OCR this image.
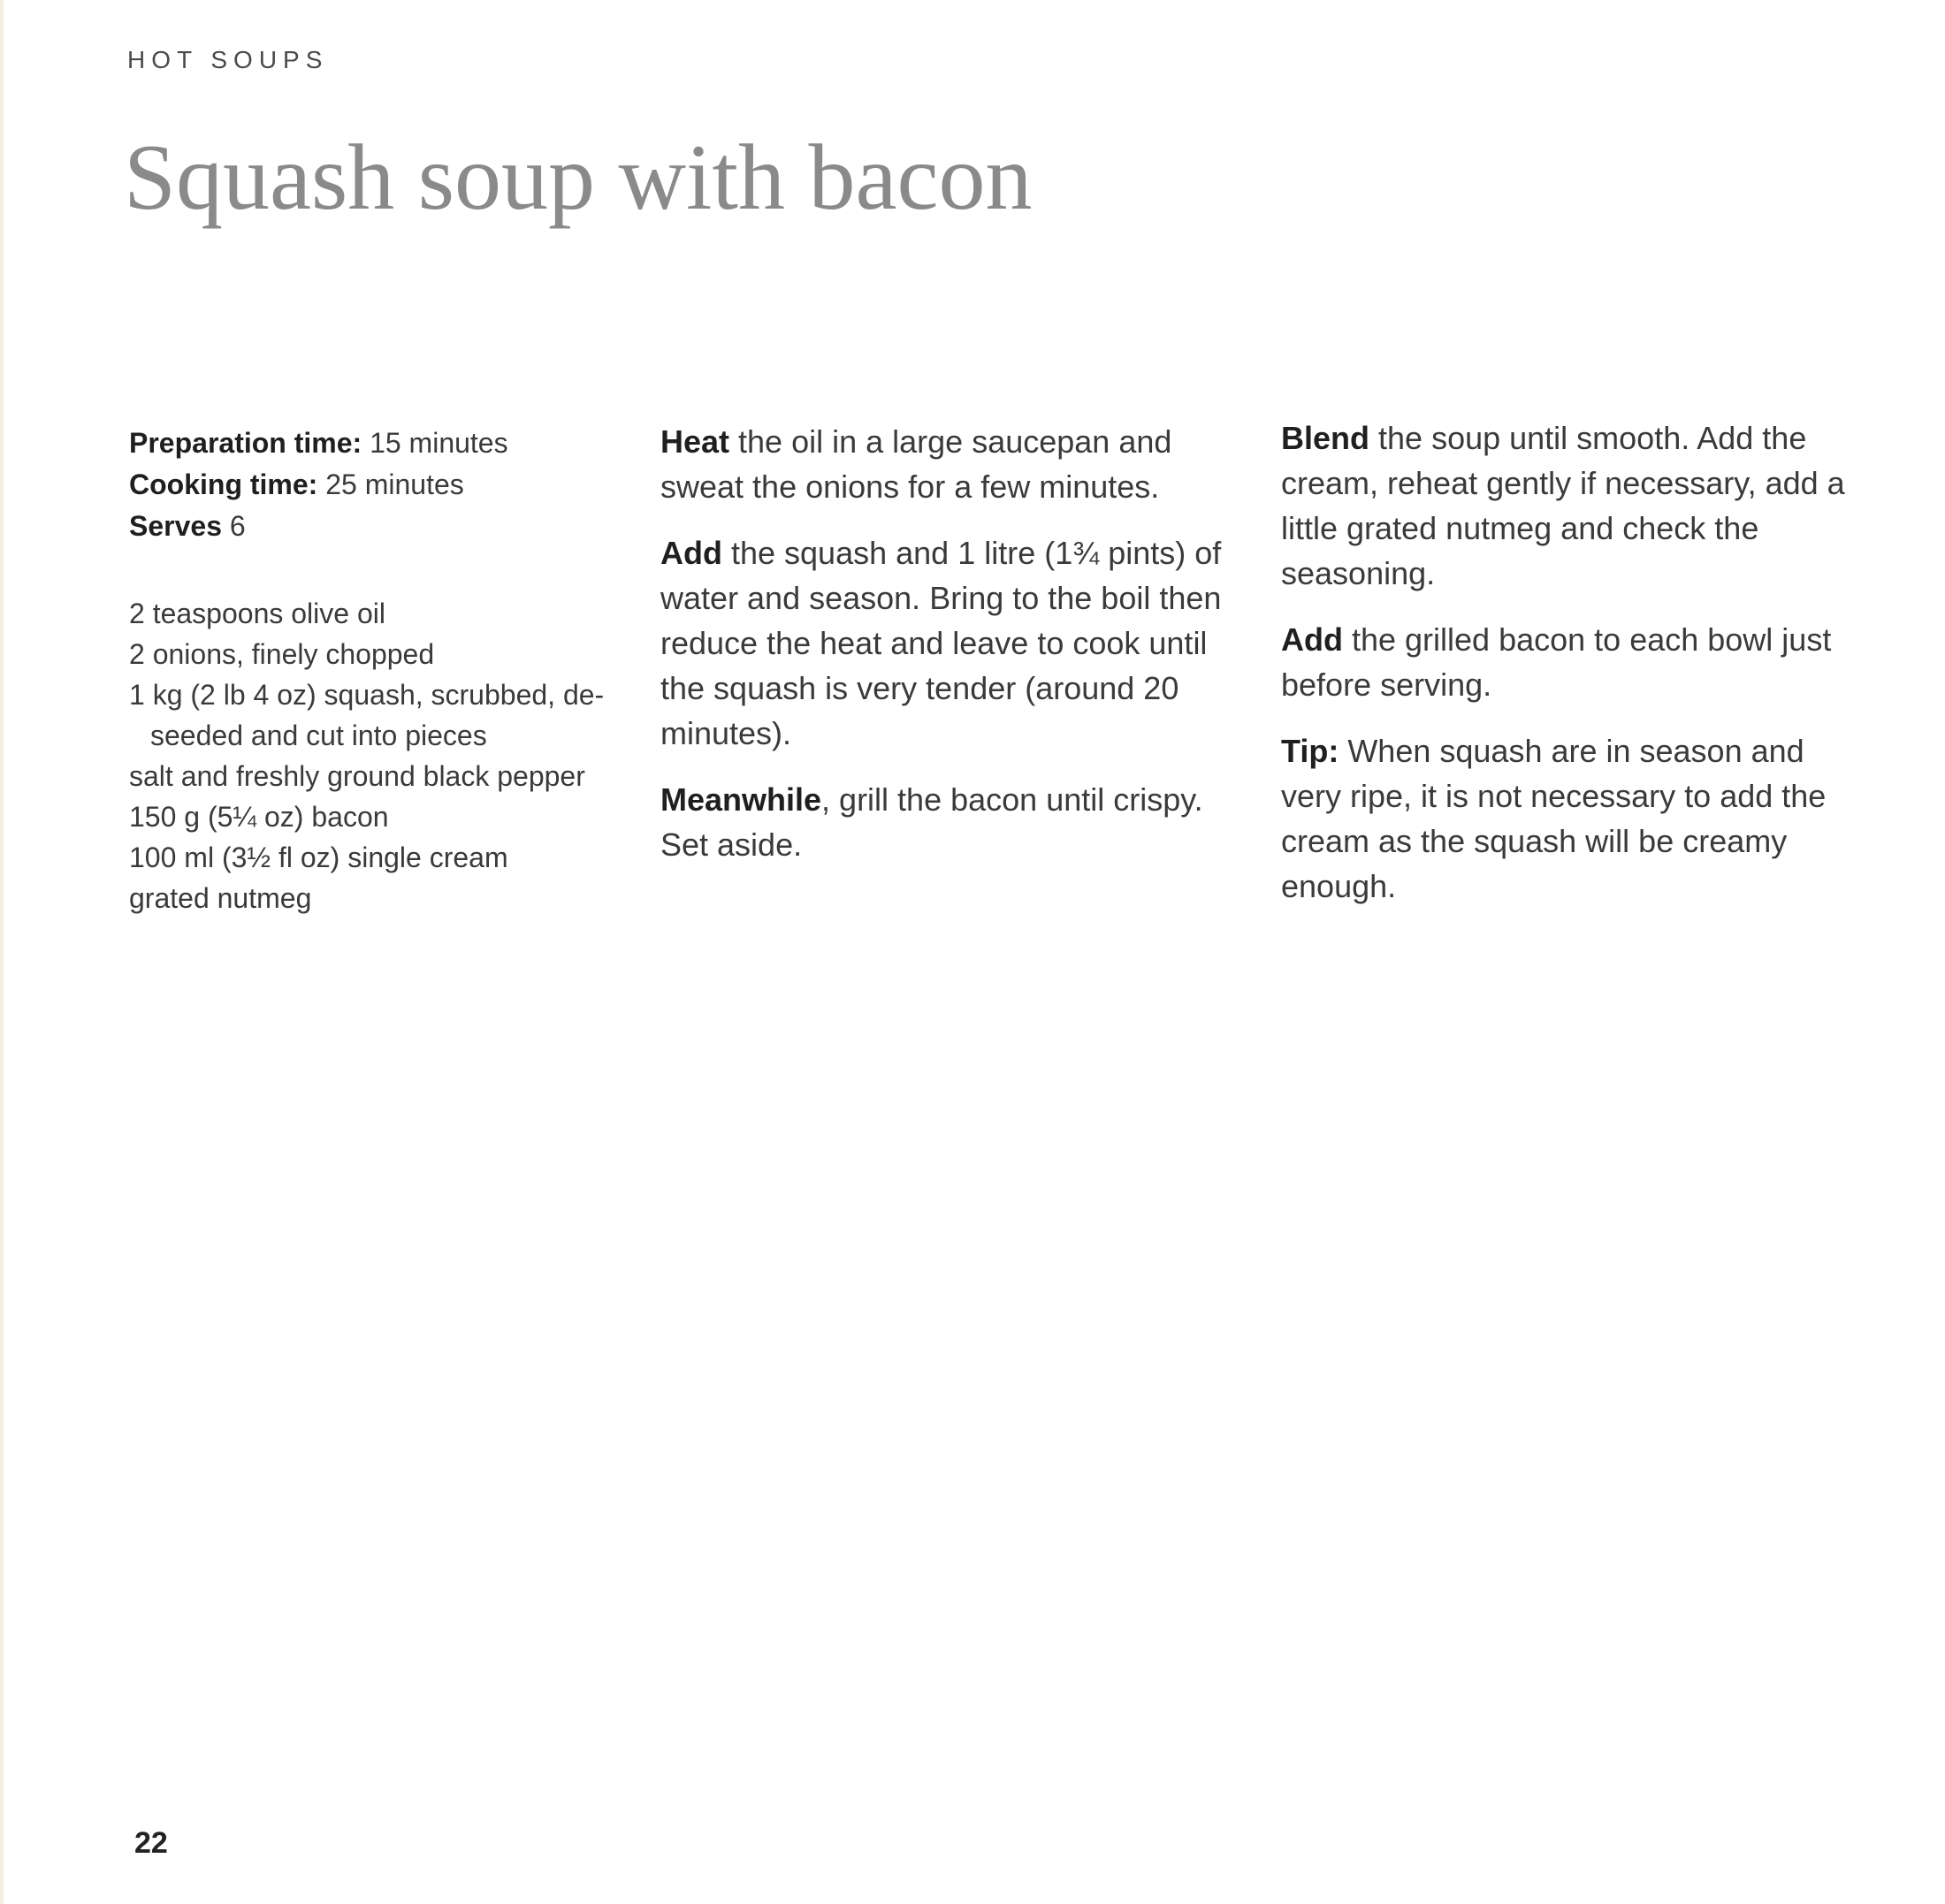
HOT SOUPS
Squash soup with bacon
Preparation time: 15 minutes
Cooking time: 25 minutes
Serves 6
2 teaspoons olive oil
2 onions, finely chopped
1 kg (2 lb 4 oz) squash, scrubbed, de-seeded and cut into pieces
salt and freshly ground black pepper
150 g (5¼ oz) bacon
100 ml (3½ fl oz) single cream
grated nutmeg

Heat the oil in a large saucepan and sweat the onions for a few minutes.

Add the squash and 1 litre (1¾ pints) of water and season. Bring to the boil then reduce the heat and leave to cook until the squash is very tender (around 20 minutes).

Meanwhile, grill the bacon until crispy. Set aside.

Blend the soup until smooth. Add the cream, reheat gently if necessary, add a little grated nutmeg and check the seasoning.

Add the grilled bacon to each bowl just before serving.

Tip: When squash are in season and very ripe, it is not necessary to add the cream as the squash will be creamy enough.

22
